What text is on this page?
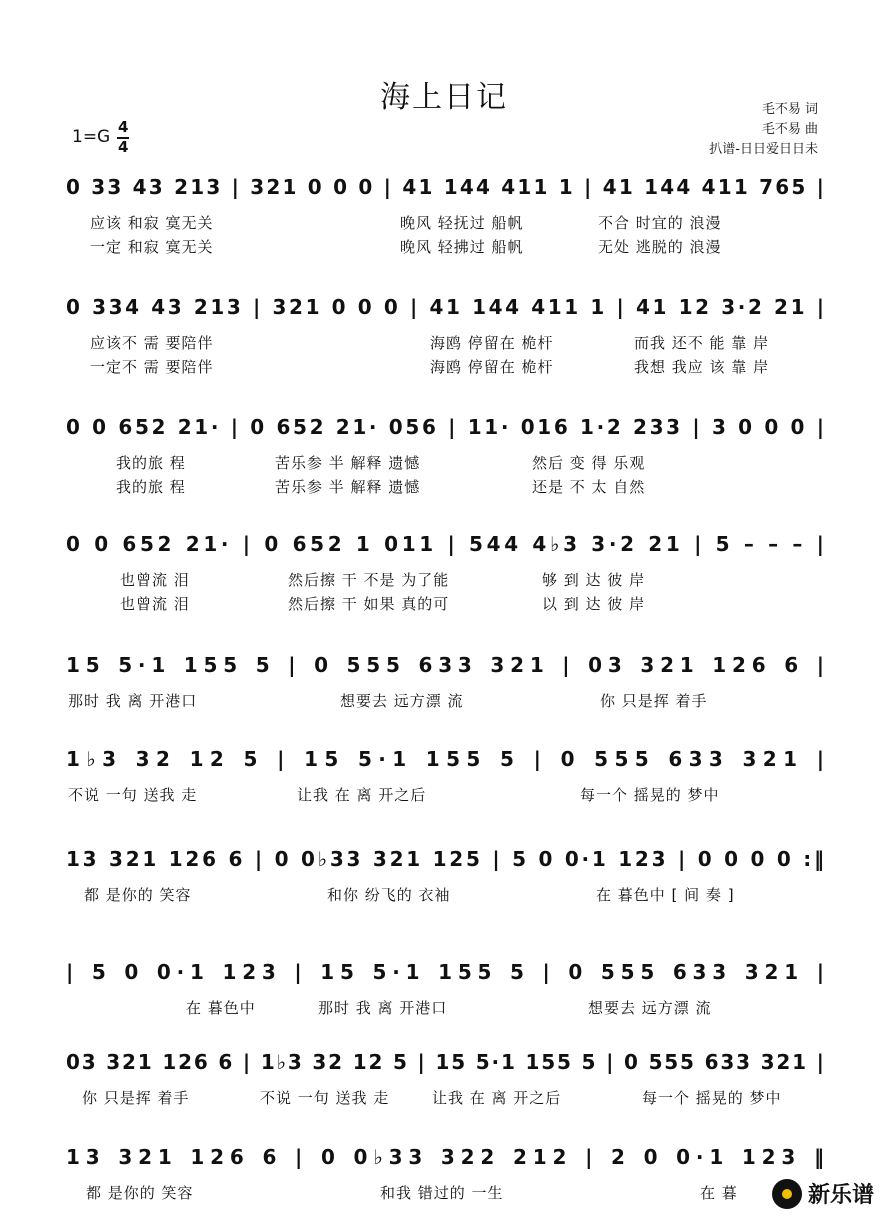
海上日记	毛不易 词
毛不易 曲
扒谱-日日爱日日未
1=G 4
4
0 33 43 213 | 321 0 0 0 | 41 144 411 1 | 41 144 411 765 |
应该 和寂 寞无关	晚风 轻抚过 船帆	不合 时宜的 浪漫
一定 和寂 寞无关	晚风 轻拂过 船帆	无处 逃脱的 浪漫
0 334 43 213 | 321 0 0 0 | 41 144 411 1 | 41 12 3·2 21 |
应该不 需 要陪伴	海鸥 停留在 桅杆	而我 还不 能 靠 岸
一定不 需 要陪伴	海鸥 停留在 桅杆	我想 我应 该 靠 岸
0 0 652 21· | 0 652 21· 056 | 11· 016 1·2 233 | 3 0 0 0 |
我的旅 程	苦乐参 半 解释 遗憾	然后 变 得 乐观
我的旅 程	苦乐参 半 解释 遗憾	还是 不 太 自然
0 0 652 21· | 0 652 1 011 | 544 4♭3 3·2 21 | 5 – – – |
也曾流 泪	然后擦 干 不是 为了能	够 到 达 彼 岸
也曾流 泪	然后擦 干 如果 真的可	以 到 达 彼 岸
15 5·1 155 5 | 0 555 633 321 | 03 321 126 6 |
那时 我 离 开港口	想要去 远方漂 流	你 只是挥 着手
1♭3 32 12 5 | 15 5·1 155 5 | 0 555 633 321 |
不说 一句 送我 走	让我 在 离 开之后	每一个 摇晃的 梦中
13 321 126 6 | 0 0♭33 321 125 | 5 0 0·1 123 | 0 0 0 0 :‖
都 是你的 笑容	和你 纷飞的 衣袖	在 暮色中 [ 间 奏 ]
| 5 0 0·1 123 | 15 5·1 155 5 | 0 555 633 321 |
在 暮色中	那时 我 离 开港口	想要去 远方漂 流
03 321 126 6 | 1♭3 32 12 5 | 15 5·1 155 5 | 0 555 633 321 |
你 只是挥 着手	不说 一句 送我 走	让我 在 离 开之后	每一个 摇晃的 梦中
13 321 126 6 | 0 0♭33 322 212 | 2 0 0·1 123 ‖
都 是你的 笑容	和我 错过的 一生	在 暮	新乐谱
